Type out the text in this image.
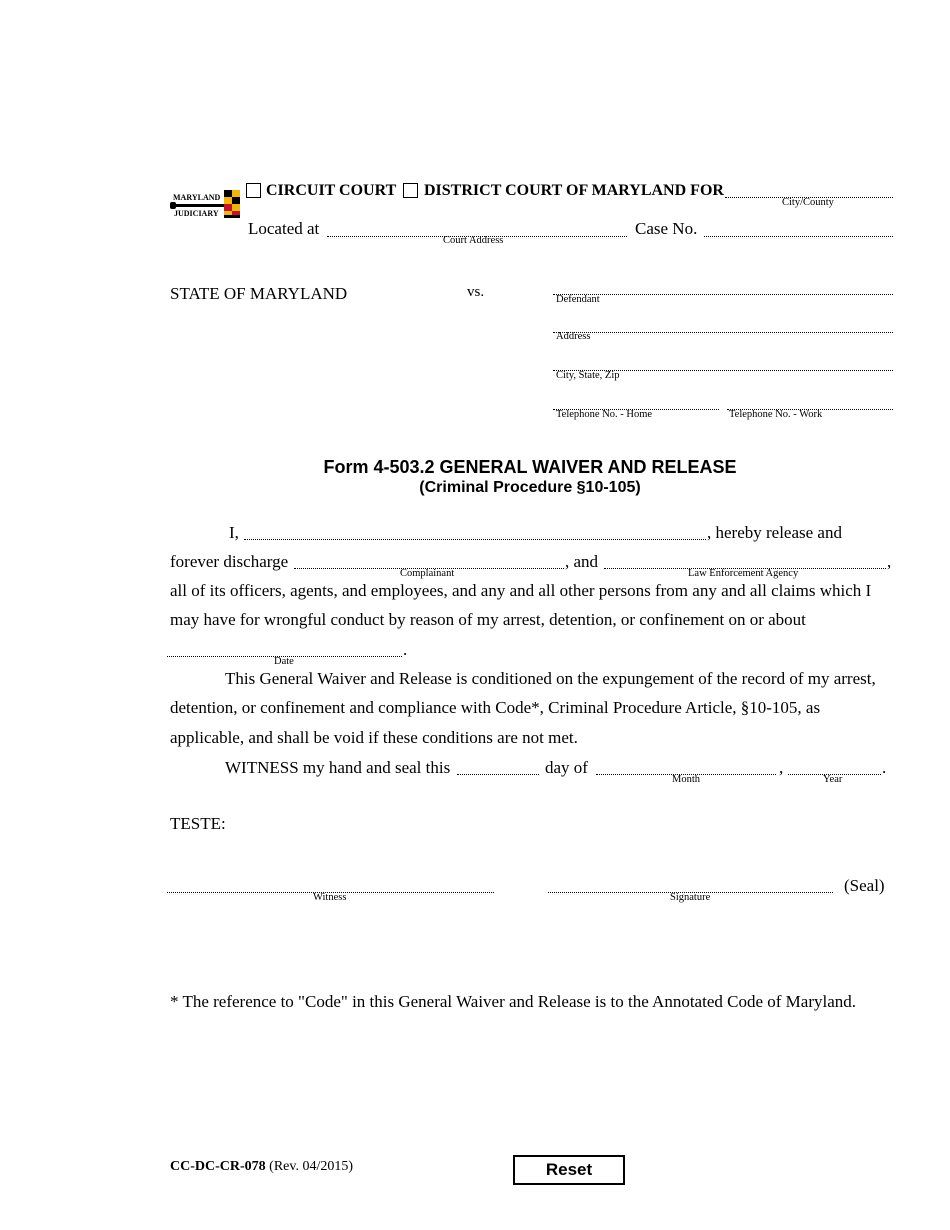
MARYLAND
JUDICIARY
CIRCUIT COURT DISTRICT COURT OF MARYLAND FOR
City/County
Located at
Court Address
Case No.
STATE OF MARYLAND	vs.	Defendant
Address
City, State, Zip
Telephone No. - Home	Telephone No. - Work
Form 4-503.2 GENERAL WAIVER AND RELEASE
(Criminal Procedure §10-105)
I,	, hereby release and
forever discharge
Complainant
, and
Law Enforcement Agency
,
all of its officers, agents, and employees, and any and all other persons from any and all claims which I
may have for wrongful conduct by reason of my arrest, detention, or confinement on or about
.
Date
This General Waiver and Release is conditioned on the expungement of the record of my arrest,
detention, or confinement and compliance with Code*, Criminal Procedure Article, §10-105, as
applicable, and shall be void if these conditions are not met.
WITNESS my hand and seal this	day of
Month
,
Year
.
TESTE:
Witness	Signature
(Seal)
* The reference to "Code" in this General Waiver and Release is to the Annotated Code of Maryland.
CC-DC-CR-078 (Rev. 04/2015)	Reset
